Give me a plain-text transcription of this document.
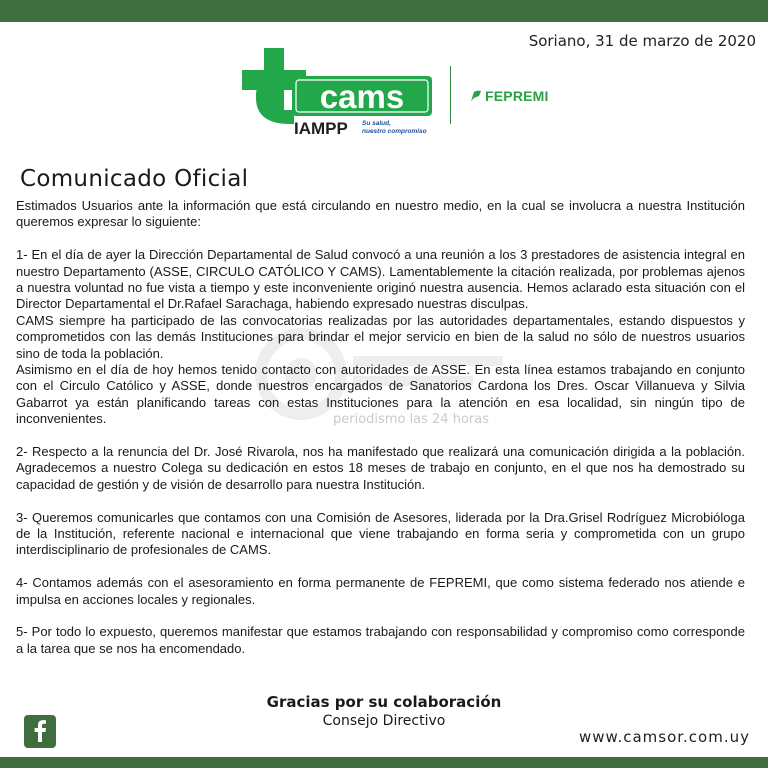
Soriano, 31 de marzo de 2020
cams
IAMPP Su salud,
nuestro compromiso
FEPREMI
periodismo las 24 horas
Comunicado Oficial

Estimados Usuarios ante la información que está circulando en nuestro medio, en la cual se involucra a nuestra Institución queremos expresar lo siguiente:

1- En el día de ayer la Dirección Departamental de Salud convocó a una reunión a los 3 prestadores de asistencia integral en nuestro Departamento (ASSE, CIRCULO CATÓLICO Y CAMS). Lamentablemente la citación realizada, por problemas ajenos a nuestra voluntad no fue vista a tiempo y este inconveniente originó nuestra ausencia. Hemos aclarado esta situación con el Director Departamental el Dr.Rafael Sarachaga, habiendo expresado nuestras disculpas.

CAMS siempre ha participado de las convocatorias realizadas por las autoridades departamentales, estando dispuestos y comprometidos con las demás Instituciones para brindar el mejor servicio en bien de la salud no sólo de nuestros usuarios sino de toda la población.

Asimismo en el día de hoy hemos tenido contacto con autoridades de ASSE. En esta línea estamos trabajando en conjunto con el Circulo Católico y ASSE, donde nuestros encargados de Sanatorios Cardona los Dres. Oscar Villanueva y Silvia Gabarrot ya están planificando tareas con estas Instituciones para la atención en esa localidad, sin ningún tipo de inconvenientes.

2- Respecto a la renuncia del Dr. José Rivarola, nos ha manifestado que realizará una comunicación dirigida a la población. Agradecemos a nuestro Colega su dedicación en estos 18 meses de trabajo en conjunto, en el que nos ha demostrado su capacidad de gestión y de visión de desarrollo para nuestra Institución.

3- Queremos comunicarles que contamos con una Comisión de Asesores, liderada por la Dra.Grisel Rodríguez Microbióloga de la Institución, referente nacional e internacional que viene trabajando en forma seria y comprometida con un grupo interdisciplinario de profesionales de CAMS.

4- Contamos además con el asesoramiento en forma permanente de FEPREMI, que como sistema federado nos atiende e impulsa en acciones locales y regionales.

5- Por todo lo expuesto, queremos manifestar que estamos trabajando con responsabilidad y compromiso como corresponde a la tarea que se nos ha encomendado.

Gracias por su colaboración
Consejo Directivo
www.camsor.com.uy
